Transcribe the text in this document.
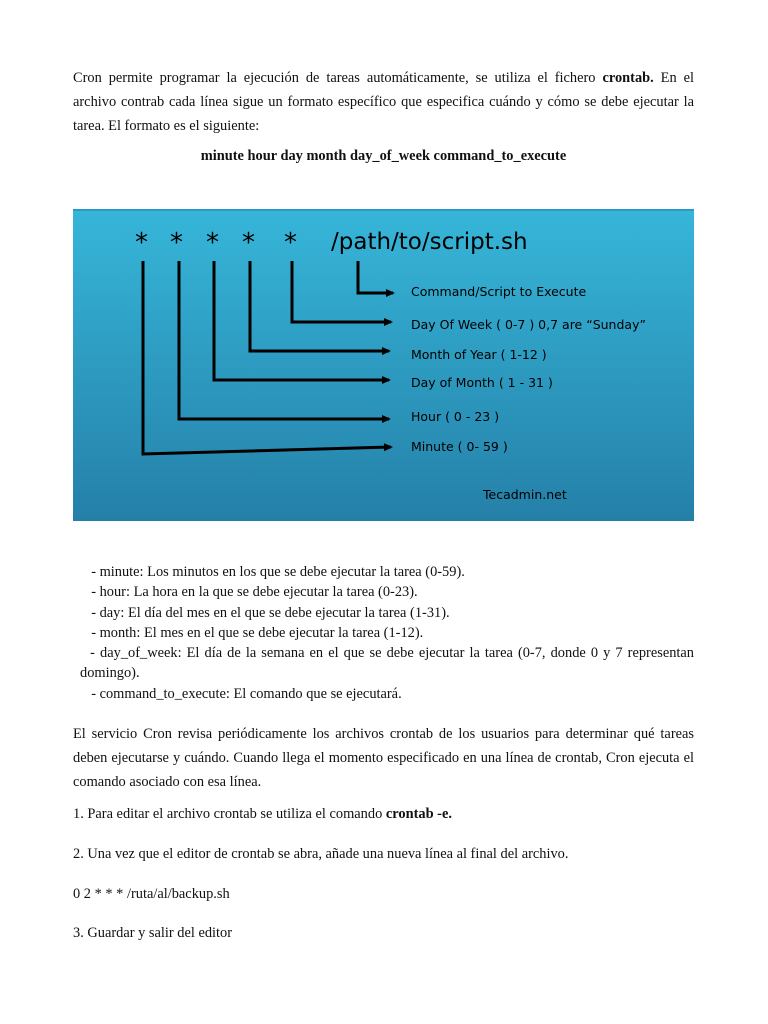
Cron permite programar la ejecución de tareas automáticamente, se utiliza el fichero crontab. En el archivo contrab cada línea sigue un formato específico que especifica cuándo y cómo se debe ejecutar la tarea. El formato es el siguiente:

minute hour day month day_of_week command_to_execute
* * * * * /path/to/script.sh
Command/Script to Execute
Day Of Week ( 0-7 ) 0,7 are “Sunday”
Month of Year ( 1-12 )
Day of Month ( 1 - 31 )
Hour ( 0 - 23 )
Minute ( 0- 59 )
Tecadmin.net

- minute: Los minutos en los que se debe ejecutar la tarea (0-59).

- hour: La hora en la que se debe ejecutar la tarea (0-23).

- day: El día del mes en el que se debe ejecutar la tarea (1-31).

- month: El mes en el que se debe ejecutar la tarea (1-12).

- day_of_week: El día de la semana en el que se debe ejecutar la tarea (0-7, donde 0 y 7 representan domingo).

- command_to_execute: El comando que se ejecutará.

El servicio Cron revisa periódicamente los archivos crontab de los usuarios para determinar qué tareas deben ejecutarse y cuándo. Cuando llega el momento especificado en una línea de crontab, Cron ejecuta el comando asociado con esa línea.

1. Para editar el archivo crontab se utiliza el comando crontab -e.

2. Una vez que el editor de crontab se abra, añade una nueva línea al final del archivo.

0 2 * * * /ruta/al/backup.sh

3. Guardar y salir del editor
